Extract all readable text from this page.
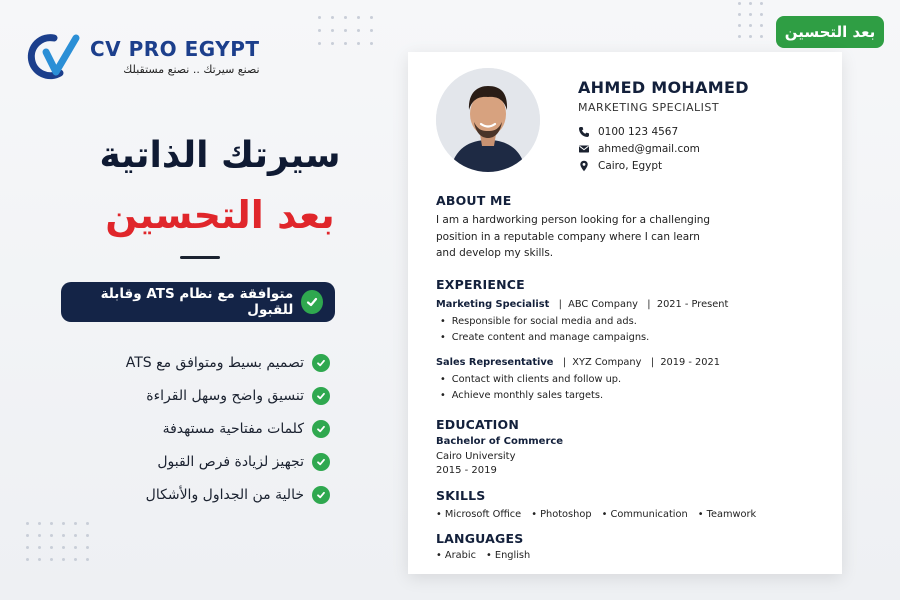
CV PRO EGYPT
نصنع سيرتك .. نصنع مستقبلك
سيرتك الذاتية
بعد التحسين
متوافقة مع نظام ATS وقابلة للقبول
تصميم بسيط ومتوافق مع ATS
تنسيق واضح وسهل القراءة
كلمات مفتاحية مستهدفة
تجهيز لزيادة فرص القبول
خالية من الجداول والأشكال
بعد التحسين
AHMED MOHAMED
MARKETING SPECIALIST
0100 123 4567
ahmed@gmail.com
Cairo, Egypt
ABOUT ME
I am a hardworking person looking for a challenging
position in a reputable company where I can learn
and develop my skills.
EXPERIENCE
Marketing Specialist   |  ABC Company   |  2021 - Present
• Responsible for social media and ads.
• Create content and manage campaigns.
Sales Representative   |  XYZ Company   |  2019 - 2021
• Contact with clients and follow up.
• Achieve monthly sales targets.
EDUCATION
Bachelor of Commerce
Cairo University
2015 - 2019
SKILLS
• Microsoft Office	• Photoshop	• Communication	• Teamwork
LANGUAGES
• Arabic	• English
